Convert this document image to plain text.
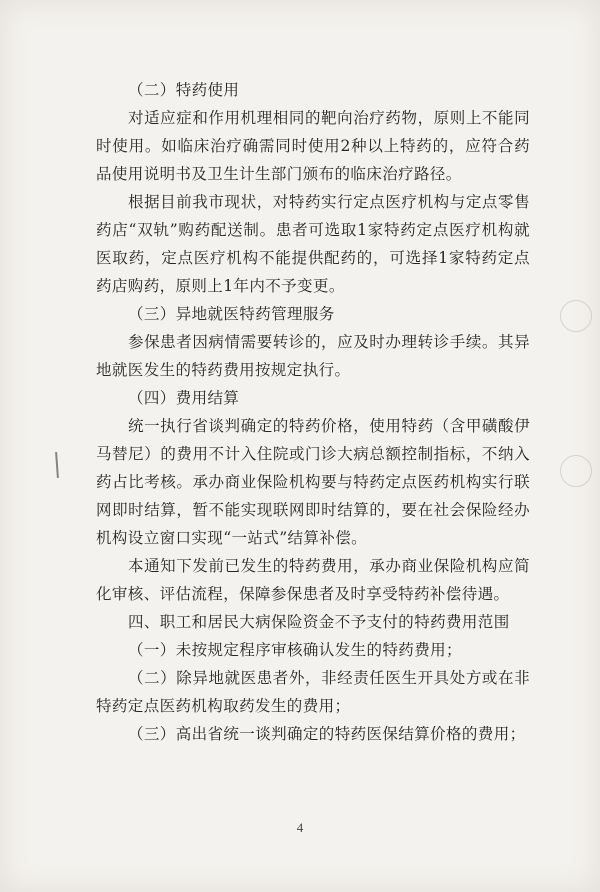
（二）特药使用

对适应症和作用机理相同的靶向治疗药物，原则上不能同时使用。如临床治疗确需同时使用2种以上特药的，应符合药品使用说明书及卫生计生部门颁布的临床治疗路径。

根据目前我市现状，对特药实行定点医疗机构与定点零售药店“双轨”购药配送制。患者可选取1家特药定点医疗机构就医取药，定点医疗机构不能提供配药的，可选择1家特药定点药店购药，原则上1年内不予变更。

（三）异地就医特药管理服务

参保患者因病情需要转诊的，应及时办理转诊手续。其异地就医发生的特药费用按规定执行。

（四）费用结算

统一执行省谈判确定的特药价格，使用特药（含甲磺酸伊马替尼）的费用不计入住院或门诊大病总额控制指标，不纳入药占比考核。承办商业保险机构要与特药定点医药机构实行联网即时结算，暂不能实现联网即时结算的，要在社会保险经办机构设立窗口实现“一站式”结算补偿。

本通知下发前已发生的特药费用，承办商业保险机构应简化审核、评估流程，保障参保患者及时享受特药补偿待遇。

四、职工和居民大病保险资金不予支付的特药费用范围

（一）未按规定程序审核确认发生的特药费用；

（二）除异地就医患者外，非经责任医生开具处方或在非特药定点医药机构取药发生的费用；

（三）高出省统一谈判确定的特药医保结算价格的费用；

4
